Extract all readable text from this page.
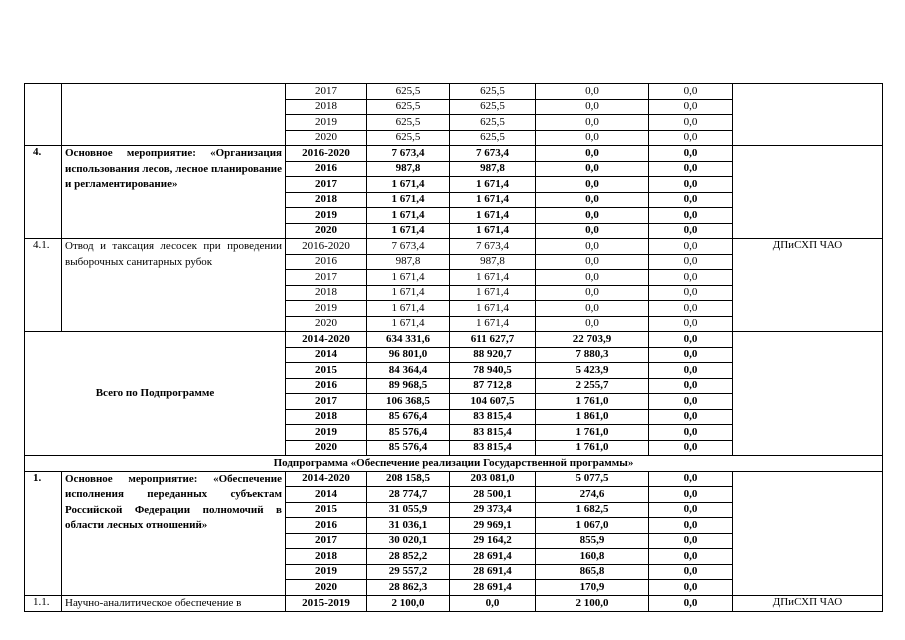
		2017	625,5	625,5	0,0	0,0	
		2018	625,5	625,5	0,0	0,0	
		2019	625,5	625,5	0,0	0,0	
		2020	625,5	625,5	0,0	0,0	
4.	Основное мероприятие: «Организация использования лесов, лесное планирование и регламентирование»	2016-2020	7 673,4	7 673,4	0,0	0,0	
		2016	987,8	987,8	0,0	0,0	
		2017	1 671,4	1 671,4	0,0	0,0	
		2018	1 671,4	1 671,4	0,0	0,0	
		2019	1 671,4	1 671,4	0,0	0,0	
		2020	1 671,4	1 671,4	0,0	0,0	
4.1.	Отвод и таксация лесосек при проведении выборочных санитарных рубок	2016-2020	7 673,4	7 673,4	0,0	0,0	ДПиСХП ЧАО
		2016	987,8	987,8	0,0	0,0	
		2017	1 671,4	1 671,4	0,0	0,0	
		2018	1 671,4	1 671,4	0,0	0,0	
		2019	1 671,4	1 671,4	0,0	0,0	
		2020	1 671,4	1 671,4	0,0	0,0	
Всего по Подпрограмме		2014-2020	634 331,6	611 627,7	22 703,9	0,0	
		2014	96 801,0	88 920,7	7 880,3	0,0	
		2015	84 364,4	78 940,5	5 423,9	0,0	
		2016	89 968,5	87 712,8	2 255,7	0,0	
		2017	106 368,5	104 607,5	1 761,0	0,0	
		2018	85 676,4	83 815,4	1 861,0	0,0	
		2019	85 576,4	83 815,4	1 761,0	0,0	
		2020	85 576,4	83 815,4	1 761,0	0,0	
Подпрограмма «Обеспечение реализации Государственной программы»							
1.	Основное мероприятие: «Обеспечение исполнения переданных субъектам Российской Федерации полномочий в области лесных отношений»	2014-2020	208 158,5	203 081,0	5 077,5	0,0	
		2014	28 774,7	28 500,1	274,6	0,0	
		2015	31 055,9	29 373,4	1 682,5	0,0	
		2016	31 036,1	29 969,1	1 067,0	0,0	
		2017	30 020,1	29 164,2	855,9	0,0	
		2018	28 852,2	28 691,4	160,8	0,0	
		2019	29 557,2	28 691,4	865,8	0,0	
		2020	28 862,3	28 691,4	170,9	0,0	
1.1.	Научно-аналитическое обеспечение в	2015-2019	2 100,0	0,0	2 100,0	0,0	ДПиСХП ЧАО
